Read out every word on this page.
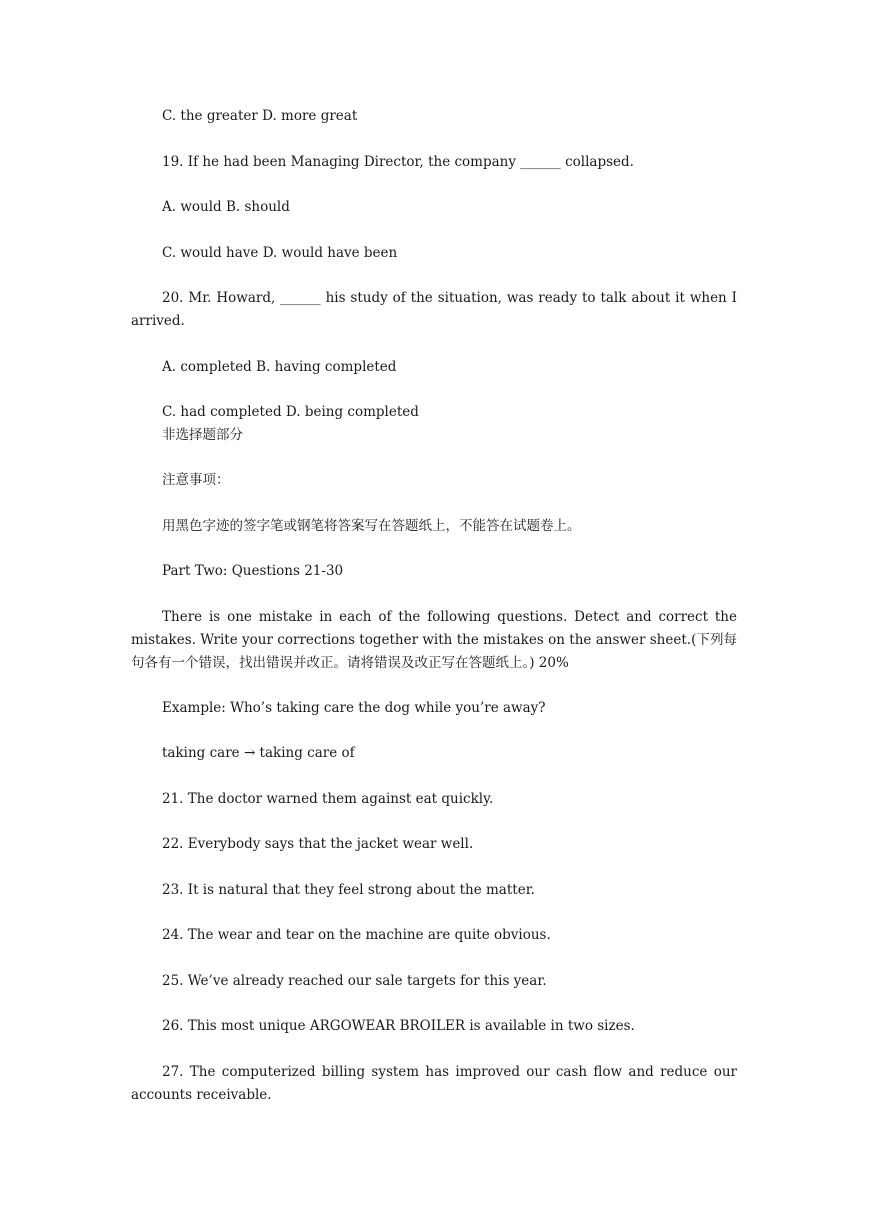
C. the greater D. more great

19. If he had been Managing Director, the company ______ collapsed.

A. would B. should

C. would have D. would have been

20. Mr. Howard, ______ his study of the situation, was ready to talk about it when I arrived.

A. completed B. having completed

C. had completed D. being completed

非选择题部分

注意事项：

用黑色字迹的签字笔或钢笔将答案写在答题纸上，不能答在试题卷上。

Part Two: Questions 21-30

There is one mistake in each of the following questions. Detect and correct the mistakes. Write your corrections together with the mistakes on the answer sheet.(下列每句各有一个错误，找出错误并改正。请将错误及改正写在答题纸上。) 20%

Example: Who’s taking care the dog while you’re away?

taking care → taking care of

21. The doctor warned them against eat quickly.

22. Everybody says that the jacket wear well.

23. It is natural that they feel strong about the matter.

24. The wear and tear on the machine are quite obvious.

25. We’ve already reached our sale targets for this year.

26. This most unique ARGOWEAR BROILER is available in two sizes.

27. The computerized billing system has improved our cash flow and reduce our accounts receivable.
